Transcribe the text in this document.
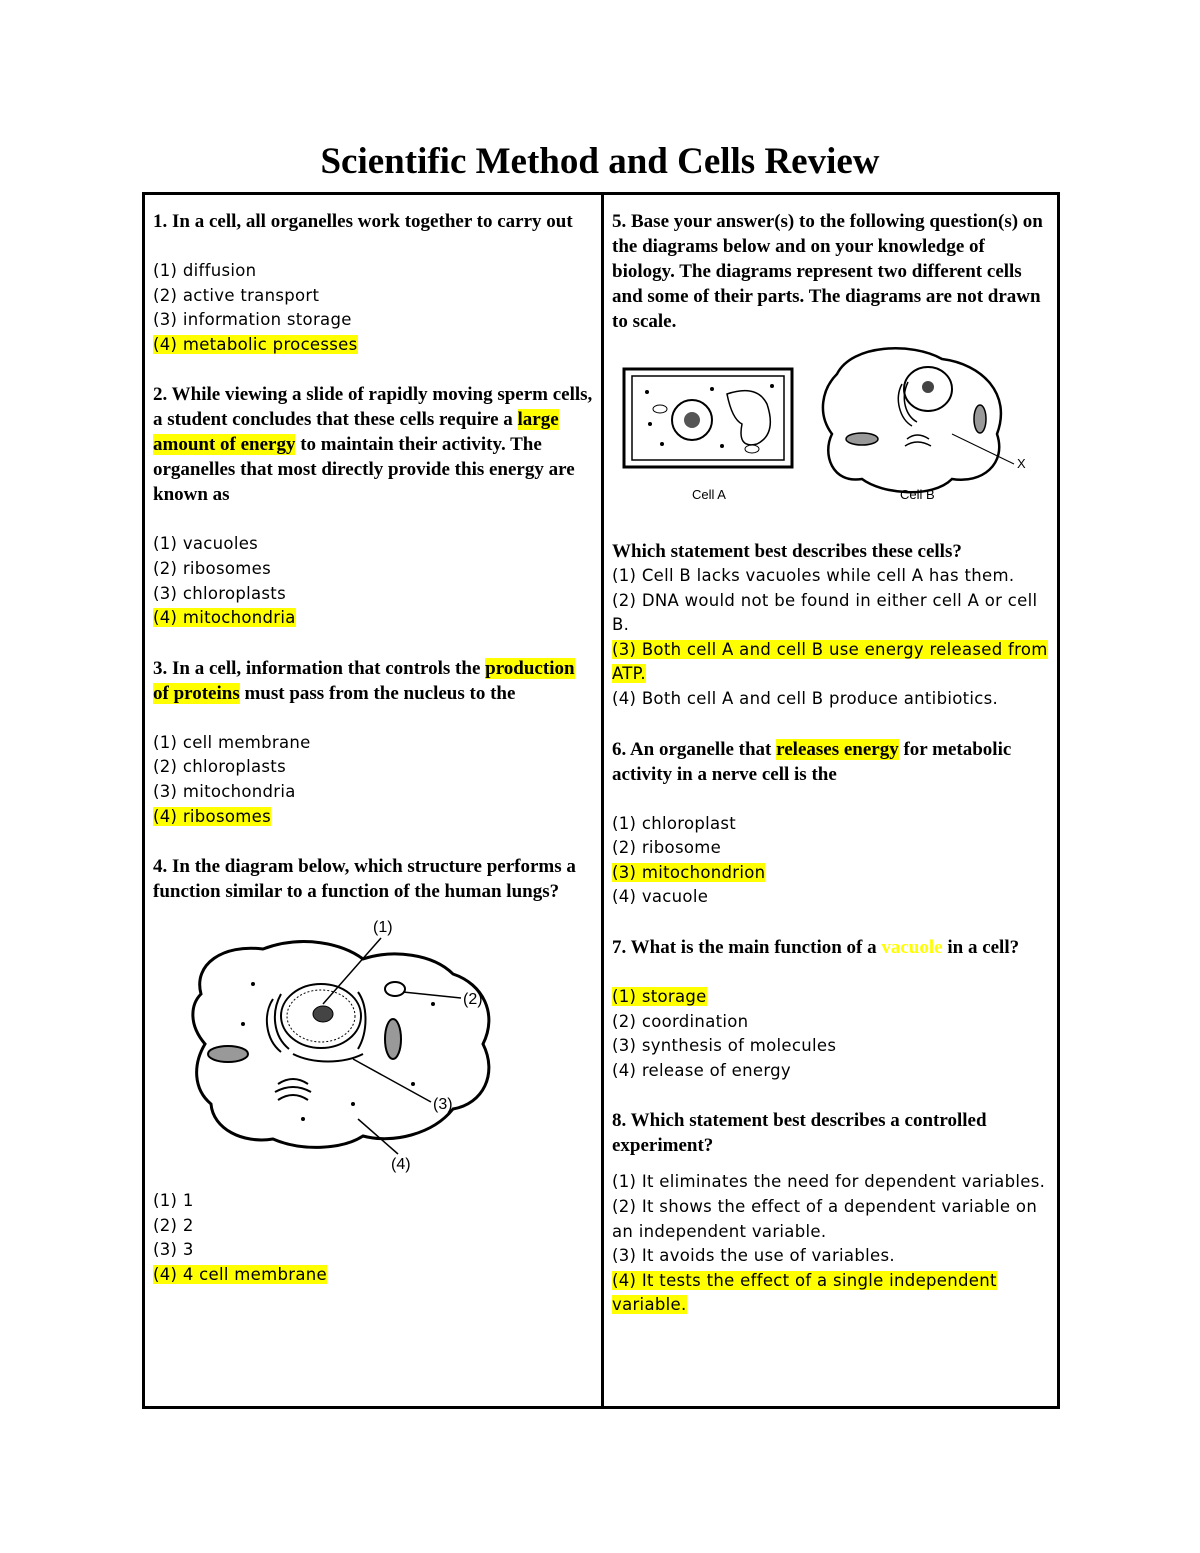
Scientific Method and Cells Review

1. In a cell, all organelles work together to carry out

(1) diffusion
(2) active transport
(3) information storage
(4) metabolic processes

2. While viewing a slide of rapidly moving sperm cells, a student concludes that these cells require a large amount of energy to maintain their activity. The organelles that most directly provide this energy are known as

(1) vacuoles
(2) ribosomes
(3) chloroplasts
(4) mitochondria

3. In a cell, information that controls the production of proteins must pass from the nucleus to the

(1) cell membrane
(2) chloroplasts
(3) mitochondria
(4) ribosomes

4. In the diagram below, which structure performs a function similar to a function of the human lungs?

(1)
(2)
(3)
(4)
(1) 1
(2) 2
(3) 3
(4) 4 cell membrane

5. Base your answer(s) to the following question(s) on the diagrams below and on your knowledge of biology. The diagrams represent two different cells and some of their parts. The diagrams are not drawn to scale.

X
Cell A	Cell B

Which statement best describes these cells?

(1) Cell B lacks vacuoles while cell A has them.
(2) DNA would not be found in either cell A or cell B.
(3) Both cell A and cell B use energy released from ATP.
(4) Both cell A and cell B produce antibiotics.

6. An organelle that releases energy for metabolic activity in a nerve cell is the

(1) chloroplast
(2) ribosome
(3) mitochondrion
(4) vacuole

7. What is the main function of a vacuole in a cell?

(1) storage
(2) coordination
(3) synthesis of molecules
(4) release of energy

8. Which statement best describes a controlled experiment?

(1) It eliminates the need for dependent variables.
(2) It shows the effect of a dependent variable on an independent variable.
(3) It avoids the use of variables.
(4) It tests the effect of a single independent variable.
